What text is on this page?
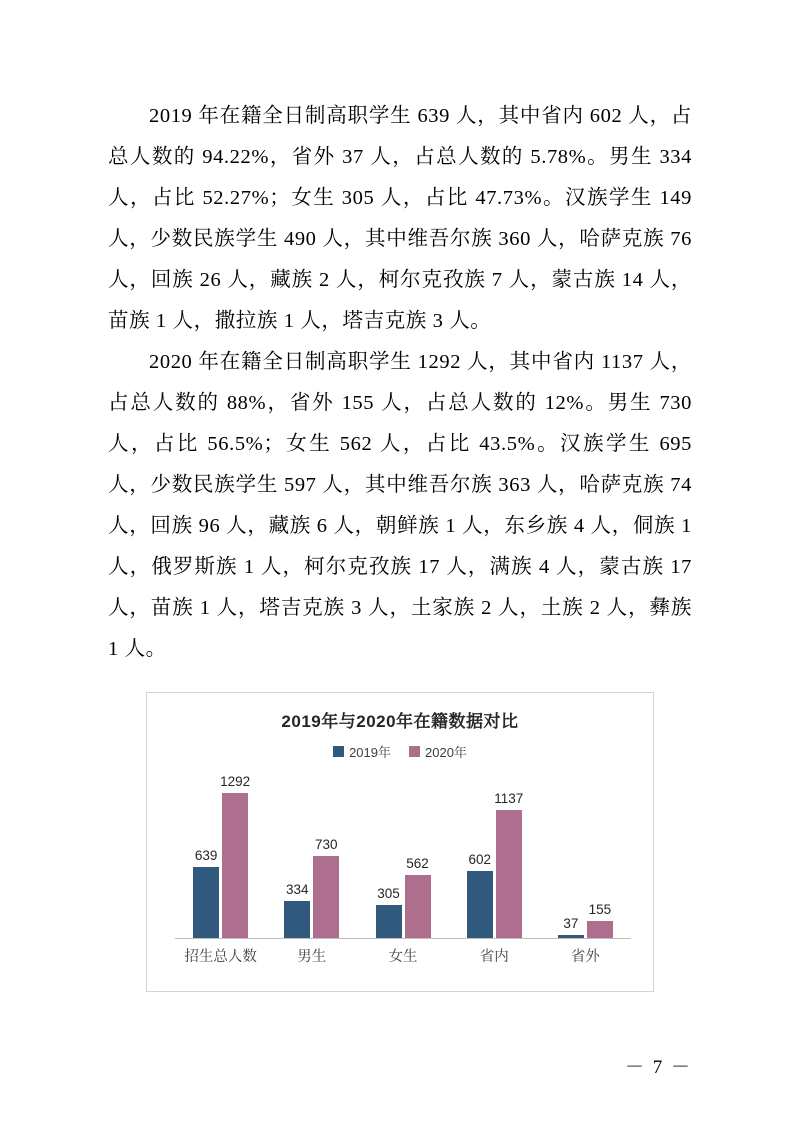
2019 年在籍全日制高职学生 639 人，其中省内 602 人，占总人数的 94.22%，省外 37 人，占总人数的 5.78%。男生 334 人，占比 52.27%；女生 305 人，占比 47.73%。汉族学生 149 人，少数民族学生 490 人，其中维吾尔族 360 人，哈萨克族 76 人，回族 26 人，藏族 2 人，柯尔克孜族 7 人，蒙古族 14 人，苗族 1 人，撒拉族 1 人，塔吉克族 3 人。

2020 年在籍全日制高职学生 1292 人，其中省内 1137 人，占总人数的 88%，省外 155 人，占总人数的 12%。男生 730 人，占比 56.5%；女生 562 人，占比 43.5%。汉族学生 695 人，少数民族学生 597 人，其中维吾尔族 363 人，哈萨克族 74 人，回族 96 人，藏族 6 人，朝鲜族 1 人，东乡族 4 人，侗族 1 人，俄罗斯族 1 人，柯尔克孜族 17 人，满族 4 人，蒙古族 17 人，苗族 1 人，塔吉克族 3 人，土家族 2 人，土族 2 人，彝族 1 人。

2019年与2020年在籍数据对比
2019年	2020年
639
1292
334
730
305
562	602
1137
37
155
招生总人数	男生	女生	省内	省外
－ 7 －
